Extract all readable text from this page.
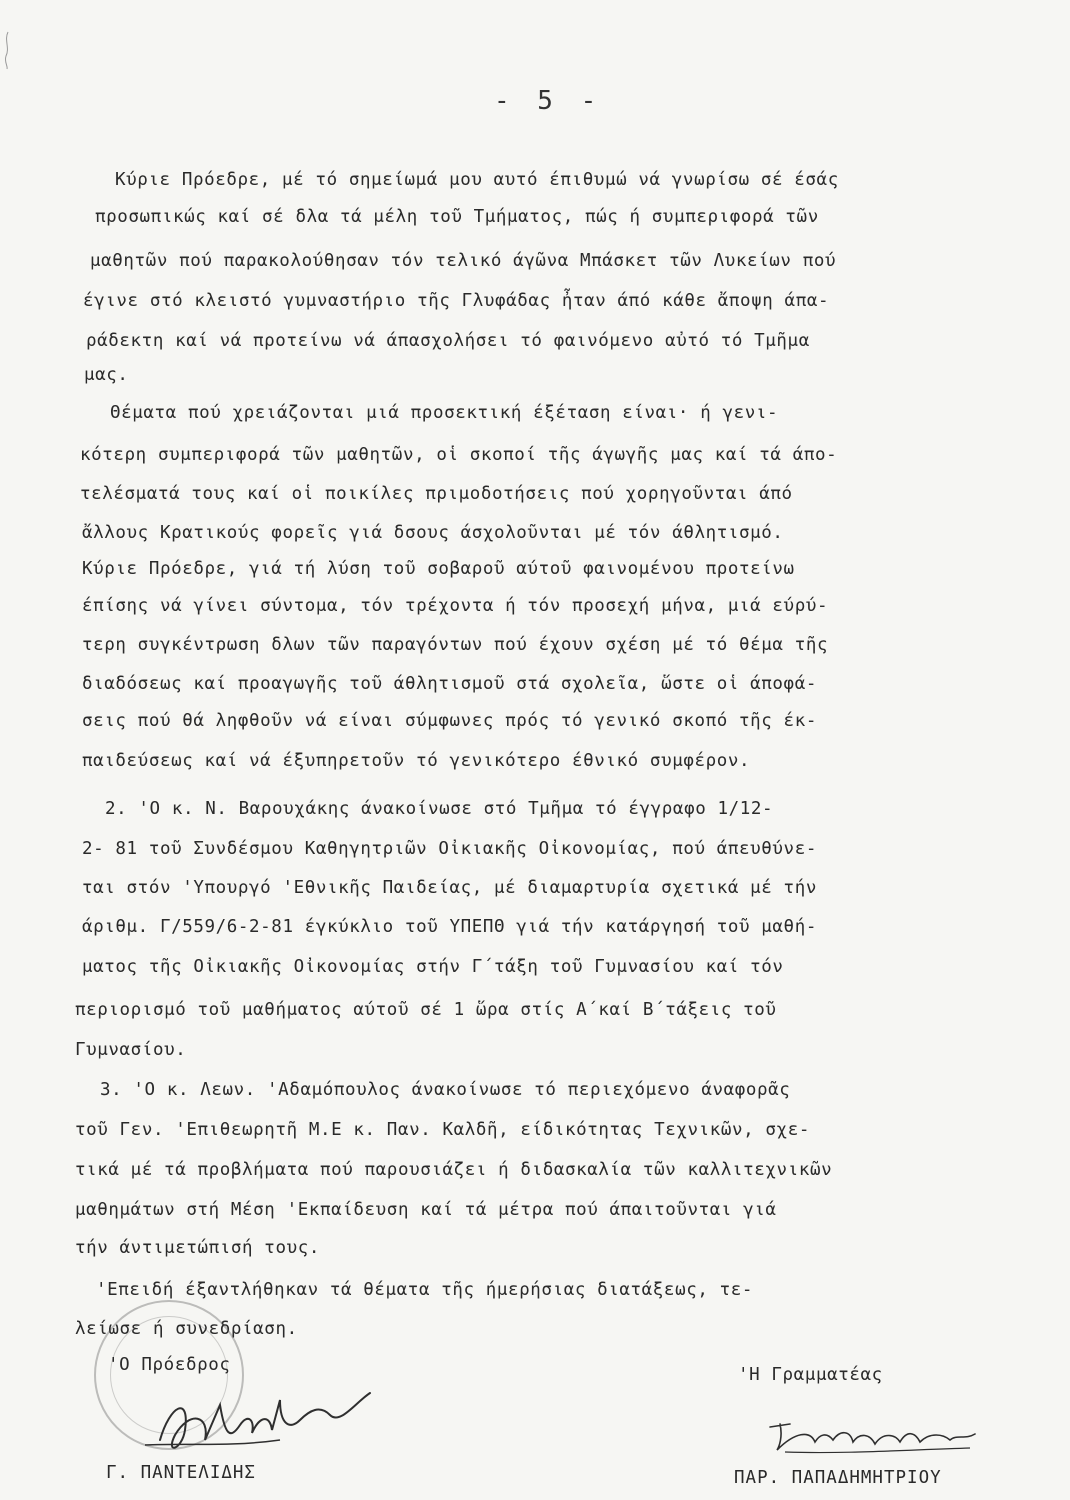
- 5 -
Κύριε Πρόεδρε, μέ τό σημείωμά μου αυτό έπιθυμώ νά γνωρίσω σέ έσάς
προσωπικώς καί σέ δλα τά μέλη τοῦ Τμήματος, πώς ή συμπεριφορά τῶν
μαθητῶν πού παρακολούθησαν τόν τελικό άγῶνα Μπάσκετ τῶν Λυκείων πού
έγινε στό κλειστό γυμναστήριο τῆς Γλυφάδας ἦταν άπό κάθε ἄποψη άπα-
ράδεκτη καί νά προτείνω νά άπασχολήσει τό φαινόμενο αὐτό τό Τμῆμα
μας.
Θέματα πού χρειάζονται μιά προσεκτική έξέταση είναι· ή γενι-
κότερη συμπεριφορά τῶν μαθητῶν, οἱ σκοποί τῆς άγωγῆς μας καί τά άπο-
τελέσματά τους καί οἱ ποικίλες πριμοδοτήσεις πού χορηγοῦνται άπό
ἄλλους Κρατικούς φορεῖς γιά δσους άσχολοῦνται μέ τόν άθλητισμό.
Κύριε Πρόεδρε, γιά τή λύση τοῦ σοβαροῦ αύτοῦ φαινομένου προτείνω
έπίσης νά γίνει σύντομα, τόν τρέχοντα ή τόν προσεχή μήνα, μιά εύρύ-
τερη συγκέντρωση δλων τῶν παραγόντων πού έχουν σχέση μέ τό θέμα τῆς
διαδόσεως καί προαγωγῆς τοῦ άθλητισμοῦ στά σχολεῖα, ὥστε οἱ άποφά-
σεις πού θά ληφθοῦν νά είναι σύμφωνες πρός τό γενικό σκοπό τῆς έκ-
παιδεύσεως καί νά έξυπηρετοῦν τό γενικότερο έθνικό συμφέρον.
2. 'Ο κ. Ν. Βαρουχάκης άνακοίνωσε στό Τμῆμα τό έγγραφο 1/12-
2- 81 τοῦ Συνδέσμου Καθηγητριῶν Οἰκιακῆς Οἰκονομίας, πού άπευθύνε-
ται στόν 'Υπουργό 'Εθνικῆς Παιδείας, μέ διαμαρτυρία σχετικά μέ τήν
άριθμ. Γ/559/6-2-81 έγκύκλιο τοῦ ΥΠΕΠΘ γιά τήν κατάργησή τοῦ μαθή-
ματος τῆς Οἰκιακῆς Οἰκονομίας στήν Γ΄τάξη τοῦ Γυμνασίου καί τόν
περιορισμό τοῦ μαθήματος αύτοῦ σέ 1 ὥρα στίς Α΄καί Β΄τάξεις τοῦ
Γυμνασίου.
3. 'Ο κ. Λεων. 'Αδαμόπουλος άνακοίνωσε τό περιεχόμενο άναφορᾶς
τοῦ Γεν. 'Επιθεωρητῆ Μ.Ε κ. Παν. Καλδῆ, είδικότητας Τεχνικῶν, σχε-
τικά μέ τά προβλήματα πού παρουσιάζει ή διδασκαλία τῶν καλλιτεχνικῶν
μαθημάτων στή Μέση 'Εκπαίδευση καί τά μέτρα πού άπαιτοῦνται γιά
τήν άντιμετώπισή τους.
'Επειδή έξαντλήθηκαν τά θέματα τῆς ήμερήσιας διατάξεως, τε-
λείωσε ή συνεδρίαση.
'Ο Πρόεδρος	'Η Γραμματέας
Γ. ΠΑΝΤΕΛΙΔΗΣ	ΠΑΡ. ΠΑΠΑΔΗΜΗΤΡΙΟΥ
